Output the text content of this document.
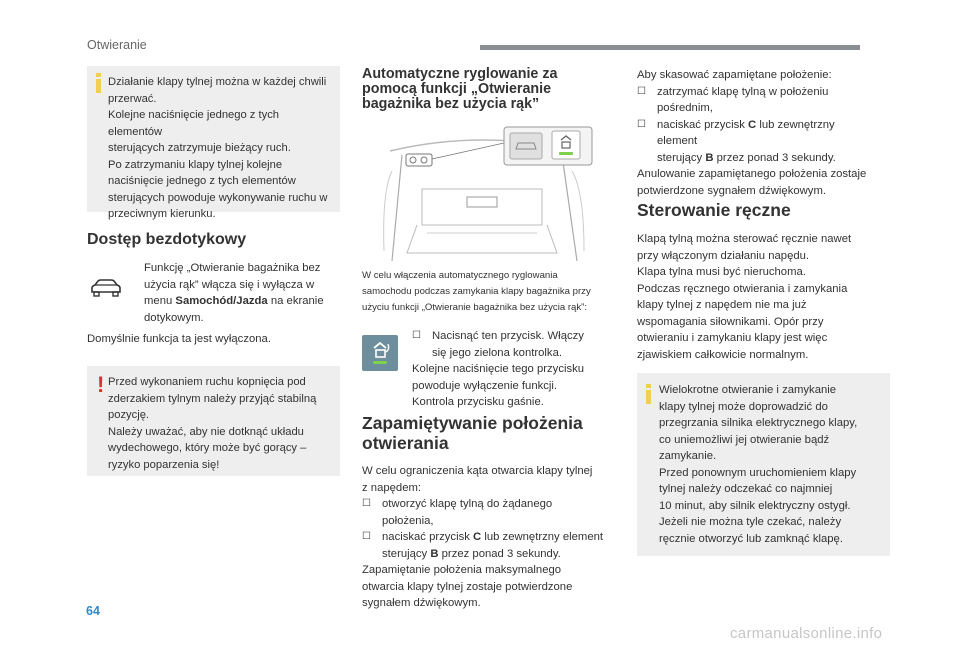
Otwieranie
Działanie klapy tylnej można w każdej chwili
przerwać.
Kolejne naciśnięcie jednego z tych elementów
sterujących zatrzymuje bieżący ruch.
Po zatrzymaniu klapy tylnej kolejne
naciśnięcie jednego z tych elementów
sterujących powoduje wykonywanie ruchu w
przeciwnym kierunku.
Dostęp bezdotykowy
Funkcję „Otwieranie bagażnika bez
użycia rąk” włącza się i wyłącza w
menu Samochód/Jazda na ekranie
dotykowym.
Domyślnie funkcja ta jest wyłączona.
! Przed wykonaniem ruchu kopnięcia pod
zderzakiem tylnym należy przyjąć stabilną
pozycję.
Należy uważać, aby nie dotknąć układu
wydechowego, który może być gorący –
ryzyko poparzenia się!
Automatyczne ryglowanie za
pomocą funkcji „Otwieranie
bagażnika bez użycia rąk”
W celu włączenia automatycznego ryglowania
samochodu podczas zamykania klapy bagażnika przy
użyciu funkcji „Otwieranie bagażnika bez użycia rąk”:
☐ Nacisnąć ten przycisk. Włączy
się jego zielona kontrolka.
Kolejne naciśnięcie tego przycisku
powoduje wyłączenie funkcji.
Kontrola przycisku gaśnie.
Zapamiętywanie położenia
otwierania
W celu ograniczenia kąta otwarcia klapy tylnej
z napędem:
☐ otworzyć klapę tylną do żądanego
położenia,
☐ naciskać przycisk C lub zewnętrzny element
sterujący B przez ponad 3 sekundy.
Zapamiętanie położenia maksymalnego
otwarcia klapy tylnej zostaje potwierdzone
sygnałem dźwiękowym.
Aby skasować zapamiętane położenie:
☐ zatrzymać klapę tylną w położeniu
pośrednim,
☐ naciskać przycisk C lub zewnętrzny element
sterujący B przez ponad 3 sekundy.
Anulowanie zapamiętanego położenia zostaje
potwierdzone sygnałem dźwiękowym.
Sterowanie ręczne
Klapą tylną można sterować ręcznie nawet
przy włączonym działaniu napędu.
Klapa tylna musi być nieruchoma.
Podczas ręcznego otwierania i zamykania
klapy tylnej z napędem nie ma już
wspomagania siłownikami. Opór przy
otwieraniu i zamykaniu klapy jest więc
zjawiskiem całkowicie normalnym.
Wielokrotne otwieranie i zamykanie
klapy tylnej może doprowadzić do
przegrzania silnika elektrycznego klapy,
co uniemożliwi jej otwieranie bądź
zamykanie.
Przed ponownym uruchomieniem klapy
tylnej należy odczekać co najmniej
10 minut, aby silnik elektryczny ostygł.
Jeżeli nie można tyle czekać, należy
ręcznie otworzyć lub zamknąć klapę.
64
carmanualsonline.info
